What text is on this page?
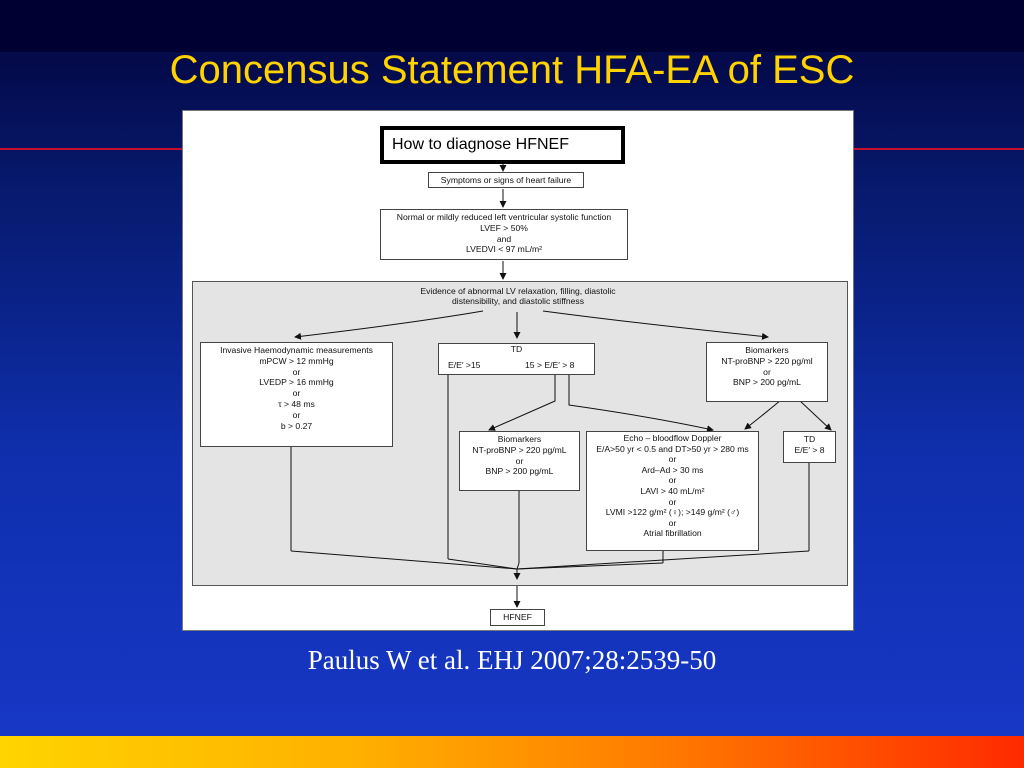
Concensus Statement HFA-EA of ESC
How to diagnose HFNEF
Symptoms or signs of heart failure
Normal or mildly reduced left ventricular systolic function
LVEF > 50%
and
LVEDVI < 97 mL/m²
Evidence of abnormal LV relaxation, filling, diastolic
distensibility, and diastolic stiffness
Invasive Haemodynamic measurements
mPCW > 12 mmHg
or
LVEDP > 16 mmHg
or
τ > 48 ms
or
b > 0.27
TD
E/E′ >15	15 > E/E′ > 8
Biomarkers
NT-proBNP > 220 pg/ml
or
BNP > 200 pg/mL
Biomarkers
NT-proBNP > 220 pg/mL
or
BNP > 200 pg/mL
Echo – bloodflow Doppler
E/A>50 yr < 0.5 and DT>50 yr > 280 ms
or
Ard–Ad > 30 ms
or
LAVI > 40 mL/m²
or
LVMI >122 g/m² (♀); >149 g/m² (♂)
or
Atrial fibrillation
TD
E/E′ > 8
HFNEF
Paulus W et al. EHJ 2007;28:2539-50
